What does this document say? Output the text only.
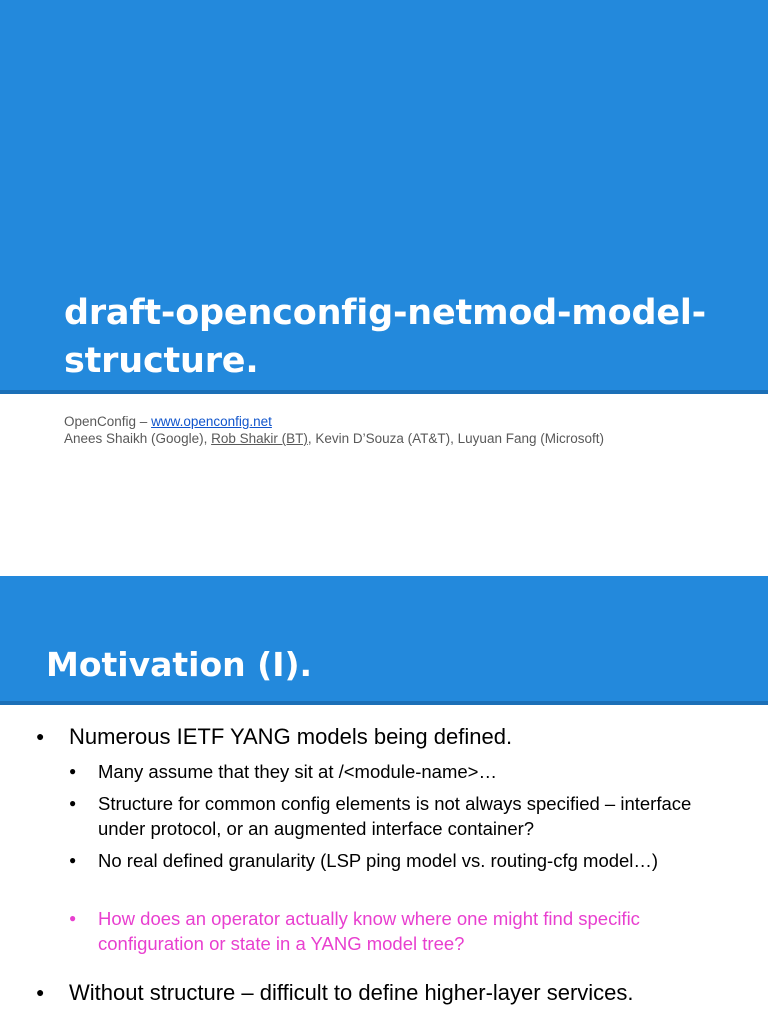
draft-openconfig-netmod-model-structure.
OpenConfig – www.openconfig.net
Anees Shaikh (Google), Rob Shakir (BT), Kevin D’Souza (AT&T), Luyuan Fang (Microsoft)
Motivation (I).
● Numerous IETF YANG models being defined.
● Many assume that they sit at /<module-name>…
● Structure for common config elements is not always specified – interface under protocol, or an augmented interface container?
● No real defined granularity (LSP ping model vs. routing-cfg model…)
● How does an operator actually know where one might find specific configuration or state in a YANG model tree?
● Without structure – difficult to define higher-layer services.
